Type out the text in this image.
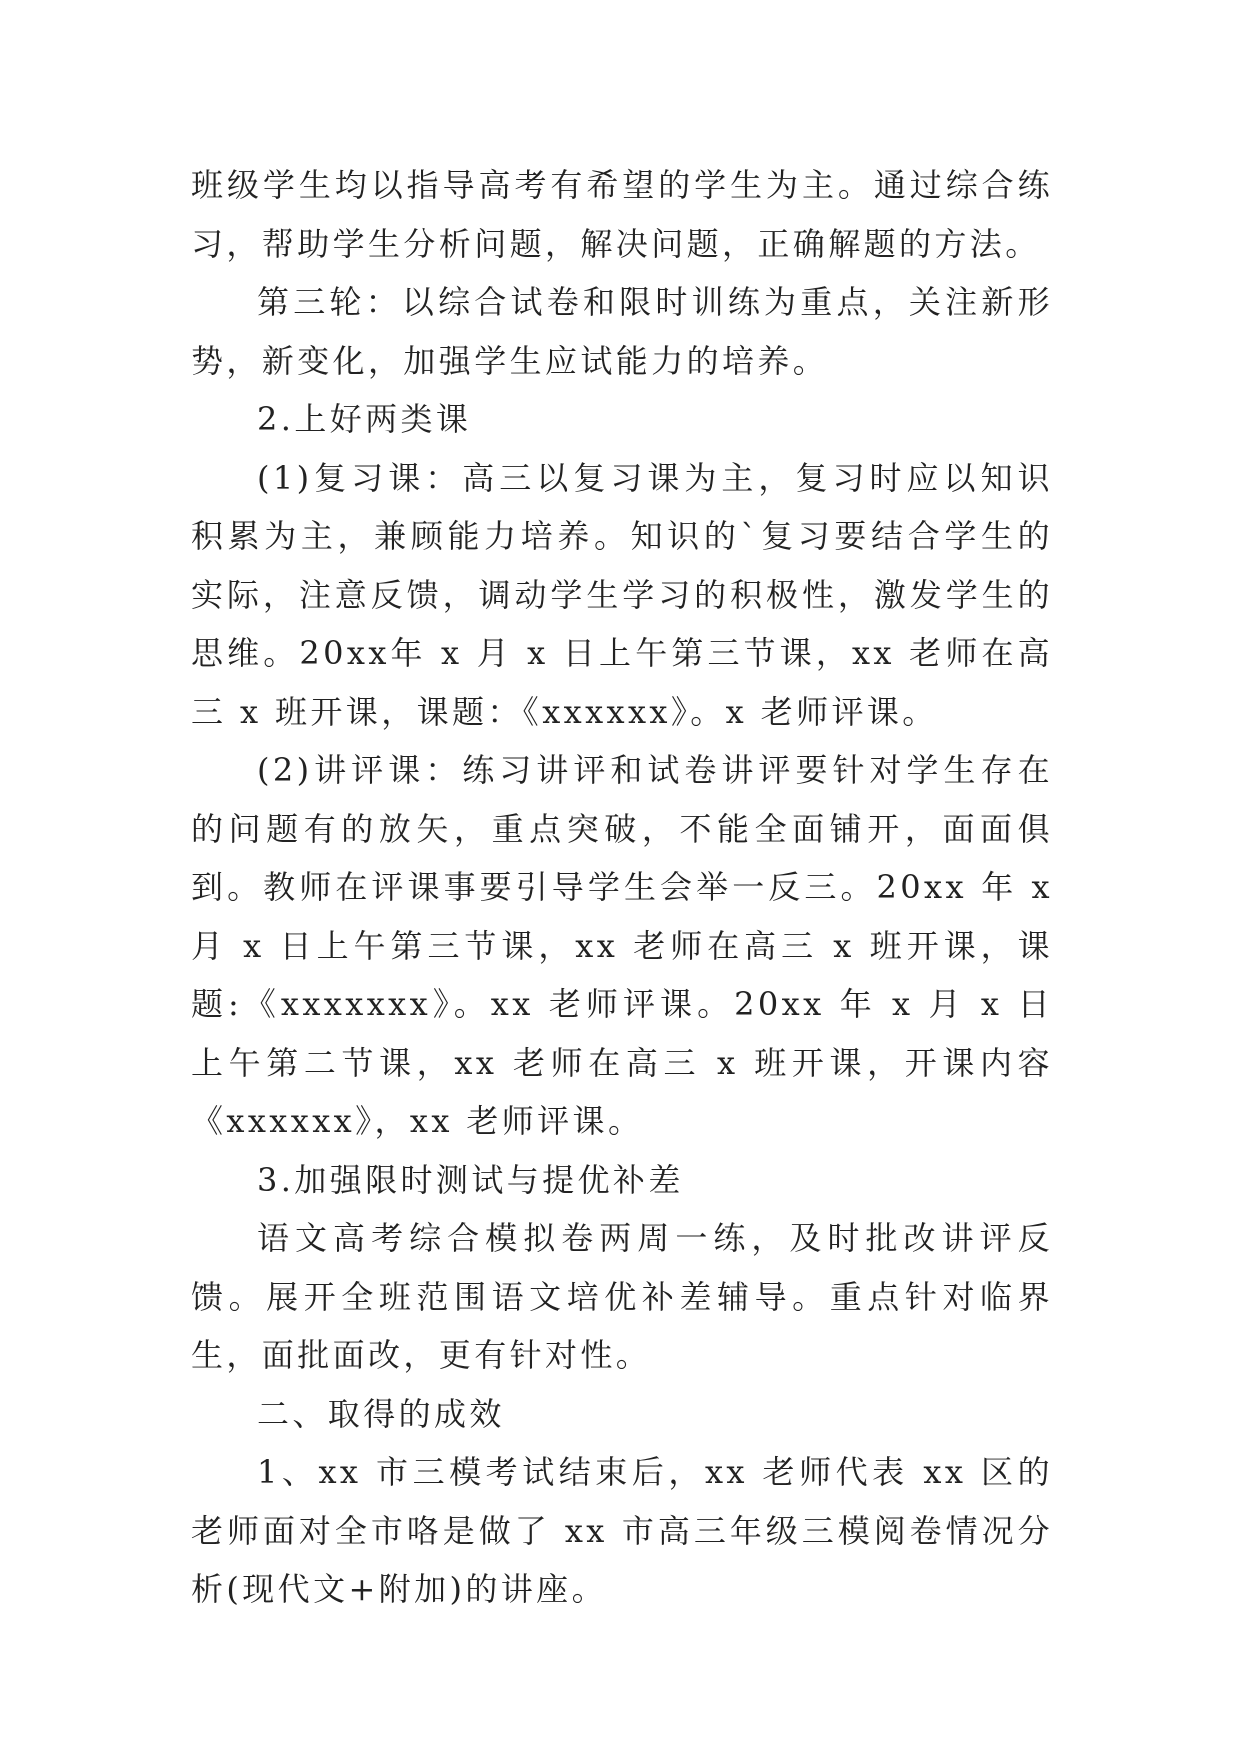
班级学生均以指导高考有希望的学生为主。通过综合练习，帮助学生分析问题，解决问题，正确解题的方法。

第三轮：以综合试卷和限时训练为重点，关注新形势，新变化，加强学生应试能力的培养。

2.上好两类课

(1)复习课：高三以复习课为主，复习时应以知识积累为主，兼顾能力培养。知识的`复习要结合学生的实际，注意反馈，调动学生学习的积极性，激发学生的思维。20xx年 x 月 x 日上午第三节课，xx 老师在高三 x 班开课，课题：《xxxxxx》。x 老师评课。

(2)讲评课：练习讲评和试卷讲评要针对学生存在的问题有的放矢，重点突破，不能全面铺开，面面俱到。教师在评课事要引导学生会举一反三。20xx 年 x 月 x 日上午第三节课，xx 老师在高三 x 班开课，课题:《xxxxxxx》。xx 老师评课。20xx 年 x 月 x 日上午第二节课，xx 老师在高三 x 班开课，开课内容《xxxxxx》，xx 老师评课。

3.加强限时测试与提优补差

语文高考综合模拟卷两周一练，及时批改讲评反馈。展开全班范围语文培优补差辅导。重点针对临界生，面批面改，更有针对性。

二、取得的成效

1、xx 市三模考试结束后，xx 老师代表 xx 区的老师面对全市咯是做了 xx 市高三年级三模阅卷情况分析(现代文+附加)的讲座。
